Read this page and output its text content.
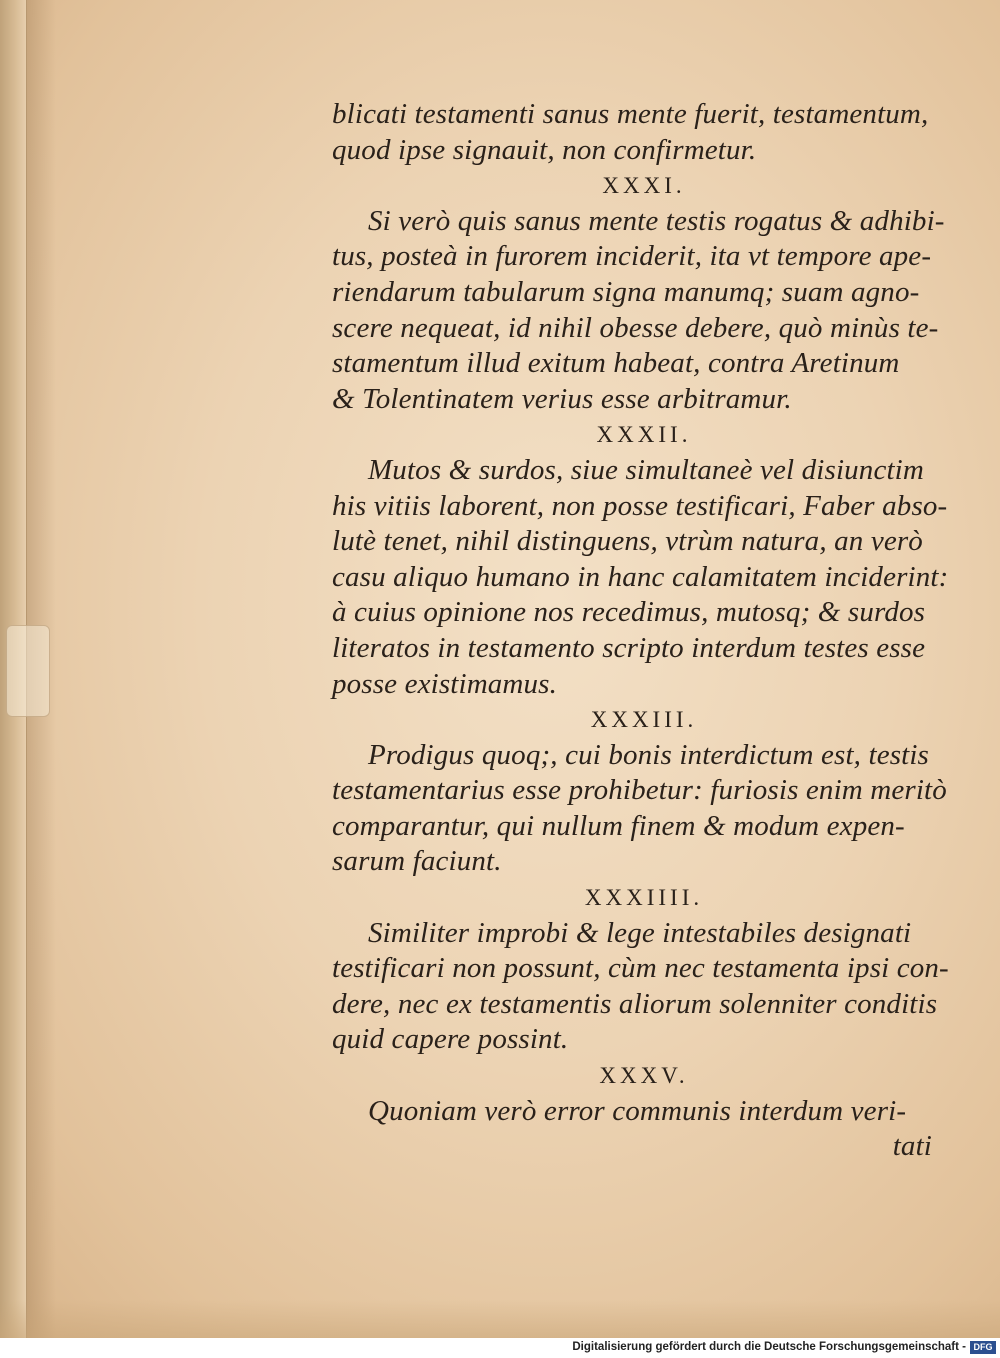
blicati testamenti sanus mente fuerit, testamentum,
quod ipse signauit, non confirmetur.
XXXI.
Si verò quis sanus mente testis rogatus & adhibi-
tus, posteà in furorem inciderit, ita vt tempore ape-
riendarum tabularum signa manumq; suam agno-
scere nequeat, id nihil obesse debere, quò minùs te-
stamentum illud exitum habeat, contra Aretinum
& Tolentinatem verius esse arbitramur.
XXXII.
Mutos & surdos, siue simultaneè vel disiunctim
his vitiis laborent, non posse testificari, Faber abso-
lutè tenet, nihil distinguens, vtrùm natura, an verò
casu aliquo humano in hanc calamitatem inciderint:
à cuius opinione nos recedimus, mutosq; & surdos
literatos in testamento scripto interdum testes esse
posse existimamus.
XXXIII.
Prodigus quoq;, cui bonis interdictum est, testis
testamentarius esse prohibetur: furiosis enim meritò
comparantur, qui nullum finem & modum expen-
sarum faciunt.
XXXIIII.
Similiter improbi & lege intestabiles designati
testificari non possunt, cùm nec testamenta ipsi con-
dere, nec ex testamentis aliorum solenniter conditis
quid capere possint.
XXXV.
Quoniam verò error communis interdum veri-
tati
Digitalisierung gefördert durch die Deutsche Forschungsgemeinschaft - DFG
